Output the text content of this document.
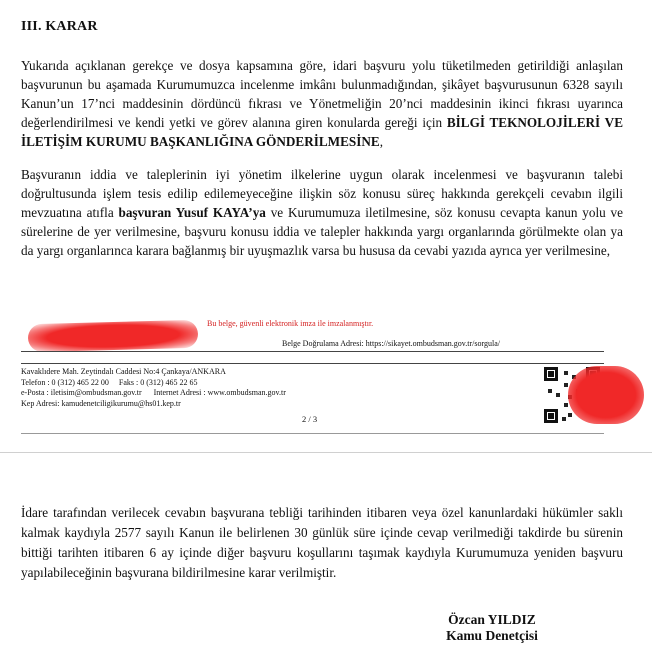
III. KARAR
Yukarıda açıklanan gerekçe ve dosya kapsamına göre, idari başvuru yolu tüketilmeden getirildiği anlaşılan başvurunun bu aşamada Kurumumuzca incelenme imkânı bulunmadığından, şikâyet başvurusunun 6328 sayılı Kanun’un 17’nci maddesinin dördüncü fıkrası ve Yönetmeliğin 20’nci maddesinin ikinci fıkrası uyarınca değerlendirilmesi ve kendi yetki ve görev alanına giren konularda gereği için BİLGİ TEKNOLOJİLERİ VE İLETİŞİM KURUMU BAŞKANLIĞINA GÖNDERİLMESİNE,
Başvuranın iddia ve taleplerinin iyi yönetim ilkelerine uygun olarak incelenmesi ve başvuranın talebi doğrultusunda işlem tesis edilip edilemeyeceğine ilişkin söz konusu süreç hakkında gerekçeli cevabın ilgili mevzuatına atıfla başvuran Yusuf KAYA’ya ve Kurumumuza iletilmesine, söz konusu cevapta kanun yolu ve sürelerine de yer verilmesine, başvuru konusu iddia ve talepler hakkında yargı organlarında görülmekte olan ya da yargı organlarınca karara bağlanmış bir uyuşmazlık varsa bu hususa da cevabi yazıda ayrıca yer verilmesine,
Bu belge, güvenli elektronik imza ile imzalanmıştır.
Belge Doğrulama Adresi: https://sikayet.ombudsman.gov.tr/sorgula/
Kavaklıdere Mah. Zeytindalı Caddesi No:4 Çankaya/ANKARA
Telefon : 0 (312) 465 22 00     Faks : 0 (312) 465 22 65
e-Posta : iletisim@ombudsman.gov.tr      Internet Adresi : www.ombudsman.gov.tr
Kep Adresi: kamudenetciligikurumu@hs01.kep.tr
2 / 3
İdare tarafından verilecek cevabın başvurana tebliği tarihinden itibaren veya özel kanunlardaki hükümler saklı kalmak kaydıyla 2577 sayılı Kanun ile belirlenen 30 günlük süre içinde cevap verilmediği takdirde bu sürenin bittiği tarihten itibaren 6 ay içinde diğer başvuru koşullarını taşımak kaydıyla Kurumumuza yeniden başvuru yapılabileceğinin başvurana bildirilmesine karar verilmiştir.
Özcan YILDIZ
Kamu Denetçisi
